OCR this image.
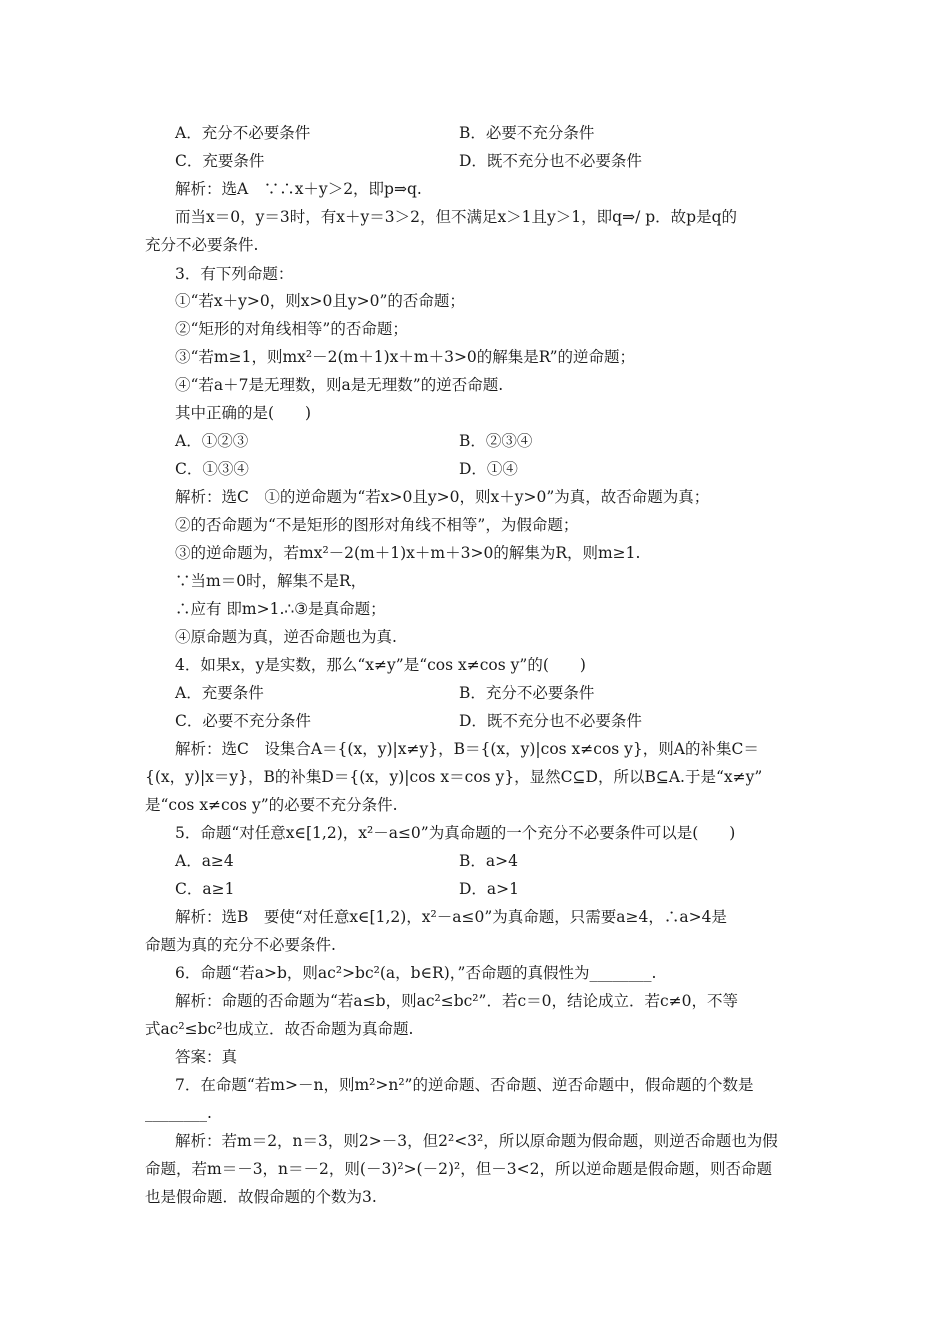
A．充分不必要条件	B．必要不充分条件
C．充要条件	D．既不充分也不必要条件
解析：选A　∵∴x＋y＞2，即p⇒q.
而当x＝0，y＝3时，有x＋y＝3＞2，但不满足x＞1且y＞1，即q⇒/ p．故p是q的
充分不必要条件.
3．有下列命题：
①“若x＋y>0，则x>0且y>0”的否命题；
②“矩形的对角线相等”的否命题；
③“若m≥1，则mx²－2(m＋1)x＋m＋3>0的解集是R”的逆命题；
④“若a＋7是无理数，则a是无理数”的逆否命题.
其中正确的是(　　)
A．①②③	B．②③④
C．①③④	D．①④
解析：选C　①的逆命题为“若x>0且y>0，则x＋y>0”为真，故否命题为真；
②的否命题为“不是矩形的图形对角线不相等”，为假命题；
③的逆命题为，若mx²－2(m＋1)x＋m＋3>0的解集为R，则m≥1.
∵当m＝0时，解集不是R，
∴应有 即m>1.∴③是真命题；
④原命题为真，逆否命题也为真.
4．如果x，y是实数，那么“x≠y”是“cos x≠cos y”的(　　)
A．充要条件	B．充分不必要条件
C．必要不充分条件	D．既不充分也不必要条件
解析：选C　设集合A＝{(x，y)|x≠y}，B＝{(x，y)|cos x≠cos y}，则A的补集C＝
{(x，y)|x＝y}，B的补集D＝{(x，y)|cos x＝cos y}，显然C⊆D，所以B⊆A.于是“x≠y”
是“cos x≠cos y”的必要不充分条件.
5．命题“对任意x∈[1,2)，x²－a≤0”为真命题的一个充分不必要条件可以是(　　)
A．a≥4	B．a>4
C．a≥1	D．a>1
解析：选B　要使“对任意x∈[1,2)，x²－a≤0”为真命题，只需要a≥4，∴a>4是
命题为真的充分不必要条件.
6．命题“若a>b，则ac²>bc²(a，b∈R)，”否命题的真假性为________.
解析：命题的否命题为“若a≤b，则ac²≤bc²”．若c＝0，结论成立．若c≠0，不等
式ac²≤bc²也成立．故否命题为真命题.
答案：真
7．在命题“若m>－n，则m²>n²”的逆命题、否命题、逆否命题中，假命题的个数是
________.
解析：若m＝2，n＝3，则2>－3，但2²<3²，所以原命题为假命题，则逆否命题也为假
命题，若m＝－3，n＝－2，则(－3)²>(－2)²，但－3<2，所以逆命题是假命题，则否命题
也是假命题．故假命题的个数为3.
